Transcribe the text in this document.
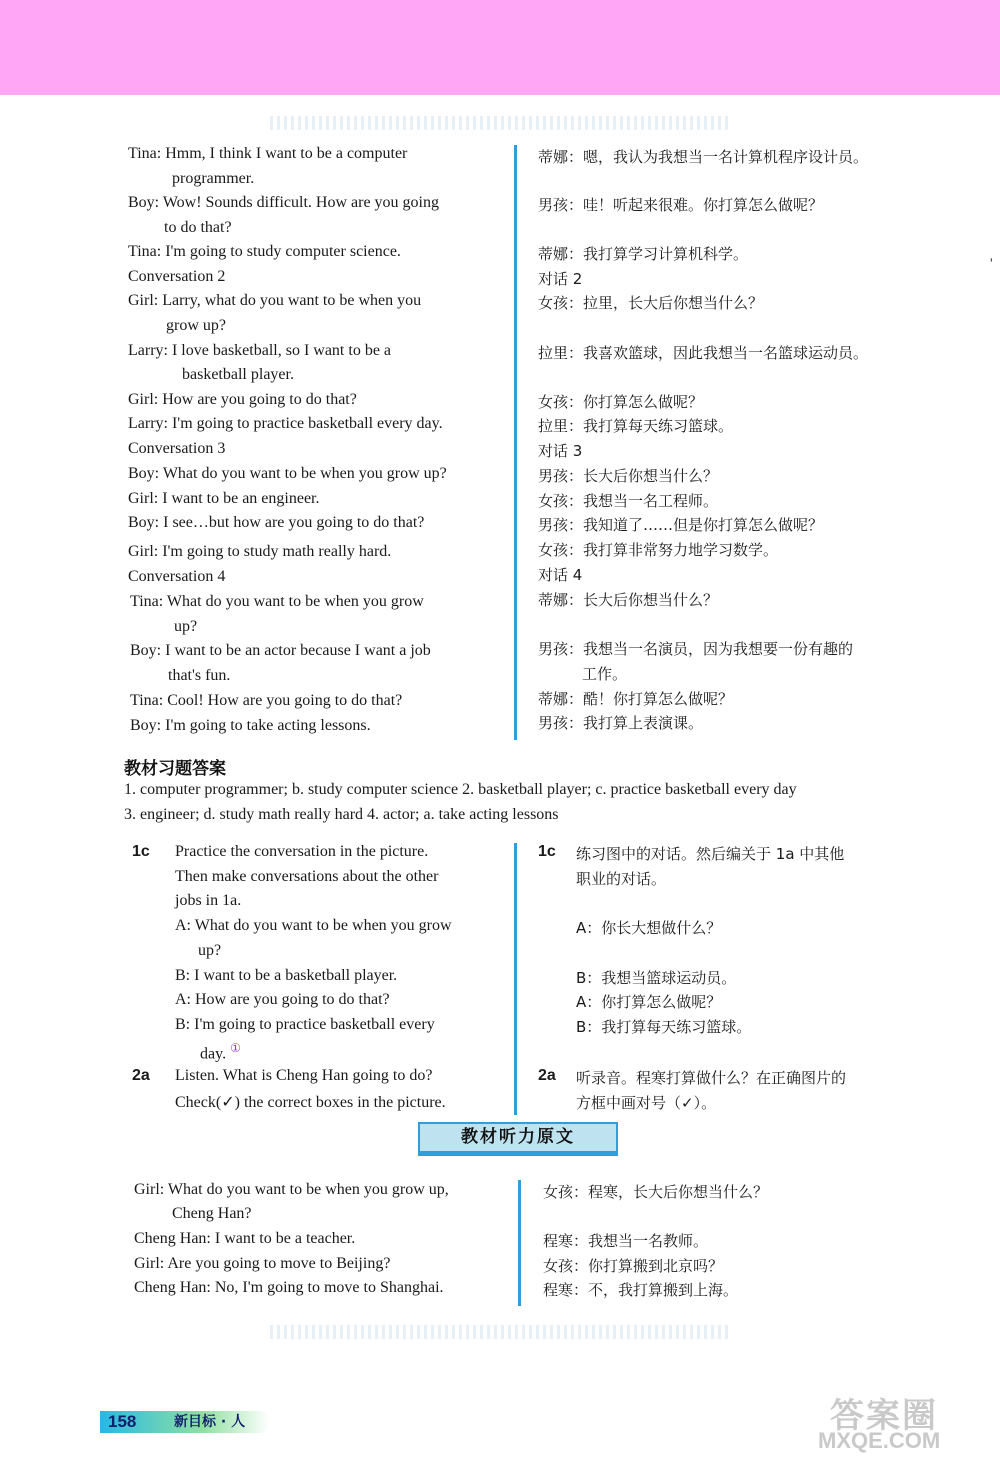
ˌ
Tina: Hmm, I think I want to be a computer
programmer.
Boy: Wow! Sounds difficult. How are you going
to do that?
Tina: I'm going to study computer science.
Conversation 2
Girl: Larry, what do you want to be when you
grow up?
Larry: I love basketball, so I want to be a
basketball player.
Girl: How are you going to do that?
Larry: I'm going to practice basketball every day.
Conversation 3
Boy: What do you want to be when you grow up?
Girl: I want to be an engineer.
Boy: I see…but how are you going to do that?
Girl: I'm going to study math really hard.
Conversation 4
Tina: What do you want to be when you grow
up?
Boy: I want to be an actor because I want a job
that's fun.
Tina: Cool! How are you going to do that?
Boy: I'm going to take acting lessons.
蒂娜：嗯，我认为我想当一名计算机程序设计员。
男孩：哇！听起来很难。你打算怎么做呢？
蒂娜：我打算学习计算机科学。
对话 2
女孩：拉里，长大后你想当什么？
拉里：我喜欢篮球，因此我想当一名篮球运动员。
女孩：你打算怎么做呢？
拉里：我打算每天练习篮球。
对话 3
男孩：长大后你想当什么？
女孩：我想当一名工程师。
男孩：我知道了……但是你打算怎么做呢？
女孩：我打算非常努力地学习数学。
对话 4
蒂娜：长大后你想当什么？
男孩：我想当一名演员，因为我想要一份有趣的
工作。
蒂娜：酷！你打算怎么做呢？
男孩：我打算上表演课。
教材习题答案
1. computer programmer; b. study computer science 2. basketball player; c. practice basketball every day
3. engineer; d. study math really hard 4. actor; a. take acting lessons
1c Practice the conversation in the picture.
Then make conversations about the other
jobs in 1a.
A: What do you want to be when you grow
up?
B: I want to be a basketball player.
A: How are you going to do that?
B: I'm going to practice basketball every
day. ①
1c 练习图中的对话。然后编关于 1a 中其他
职业的对话。
A：你长大想做什么？
B：我想当篮球运动员。
A：你打算怎么做呢？
B：我打算每天练习篮球。
2a Listen. What is Cheng Han going to do?
Check(✓) the correct boxes in the picture.
2a 听录音。程寒打算做什么？在正确图片的
方框中画对号（✓）。
教材听力原文
Girl: What do you want to be when you grow up,
Cheng Han?
Cheng Han: I want to be a teacher.
Girl: Are you going to move to Beijing?
Cheng Han: No, I'm going to move to Shanghai.
女孩：程寒，长大后你想当什么？
程寒：我想当一名教师。
女孩：你打算搬到北京吗？
程寒：不，我打算搬到上海。
158	新目标 · 人	答案圈
MXQE.COM
